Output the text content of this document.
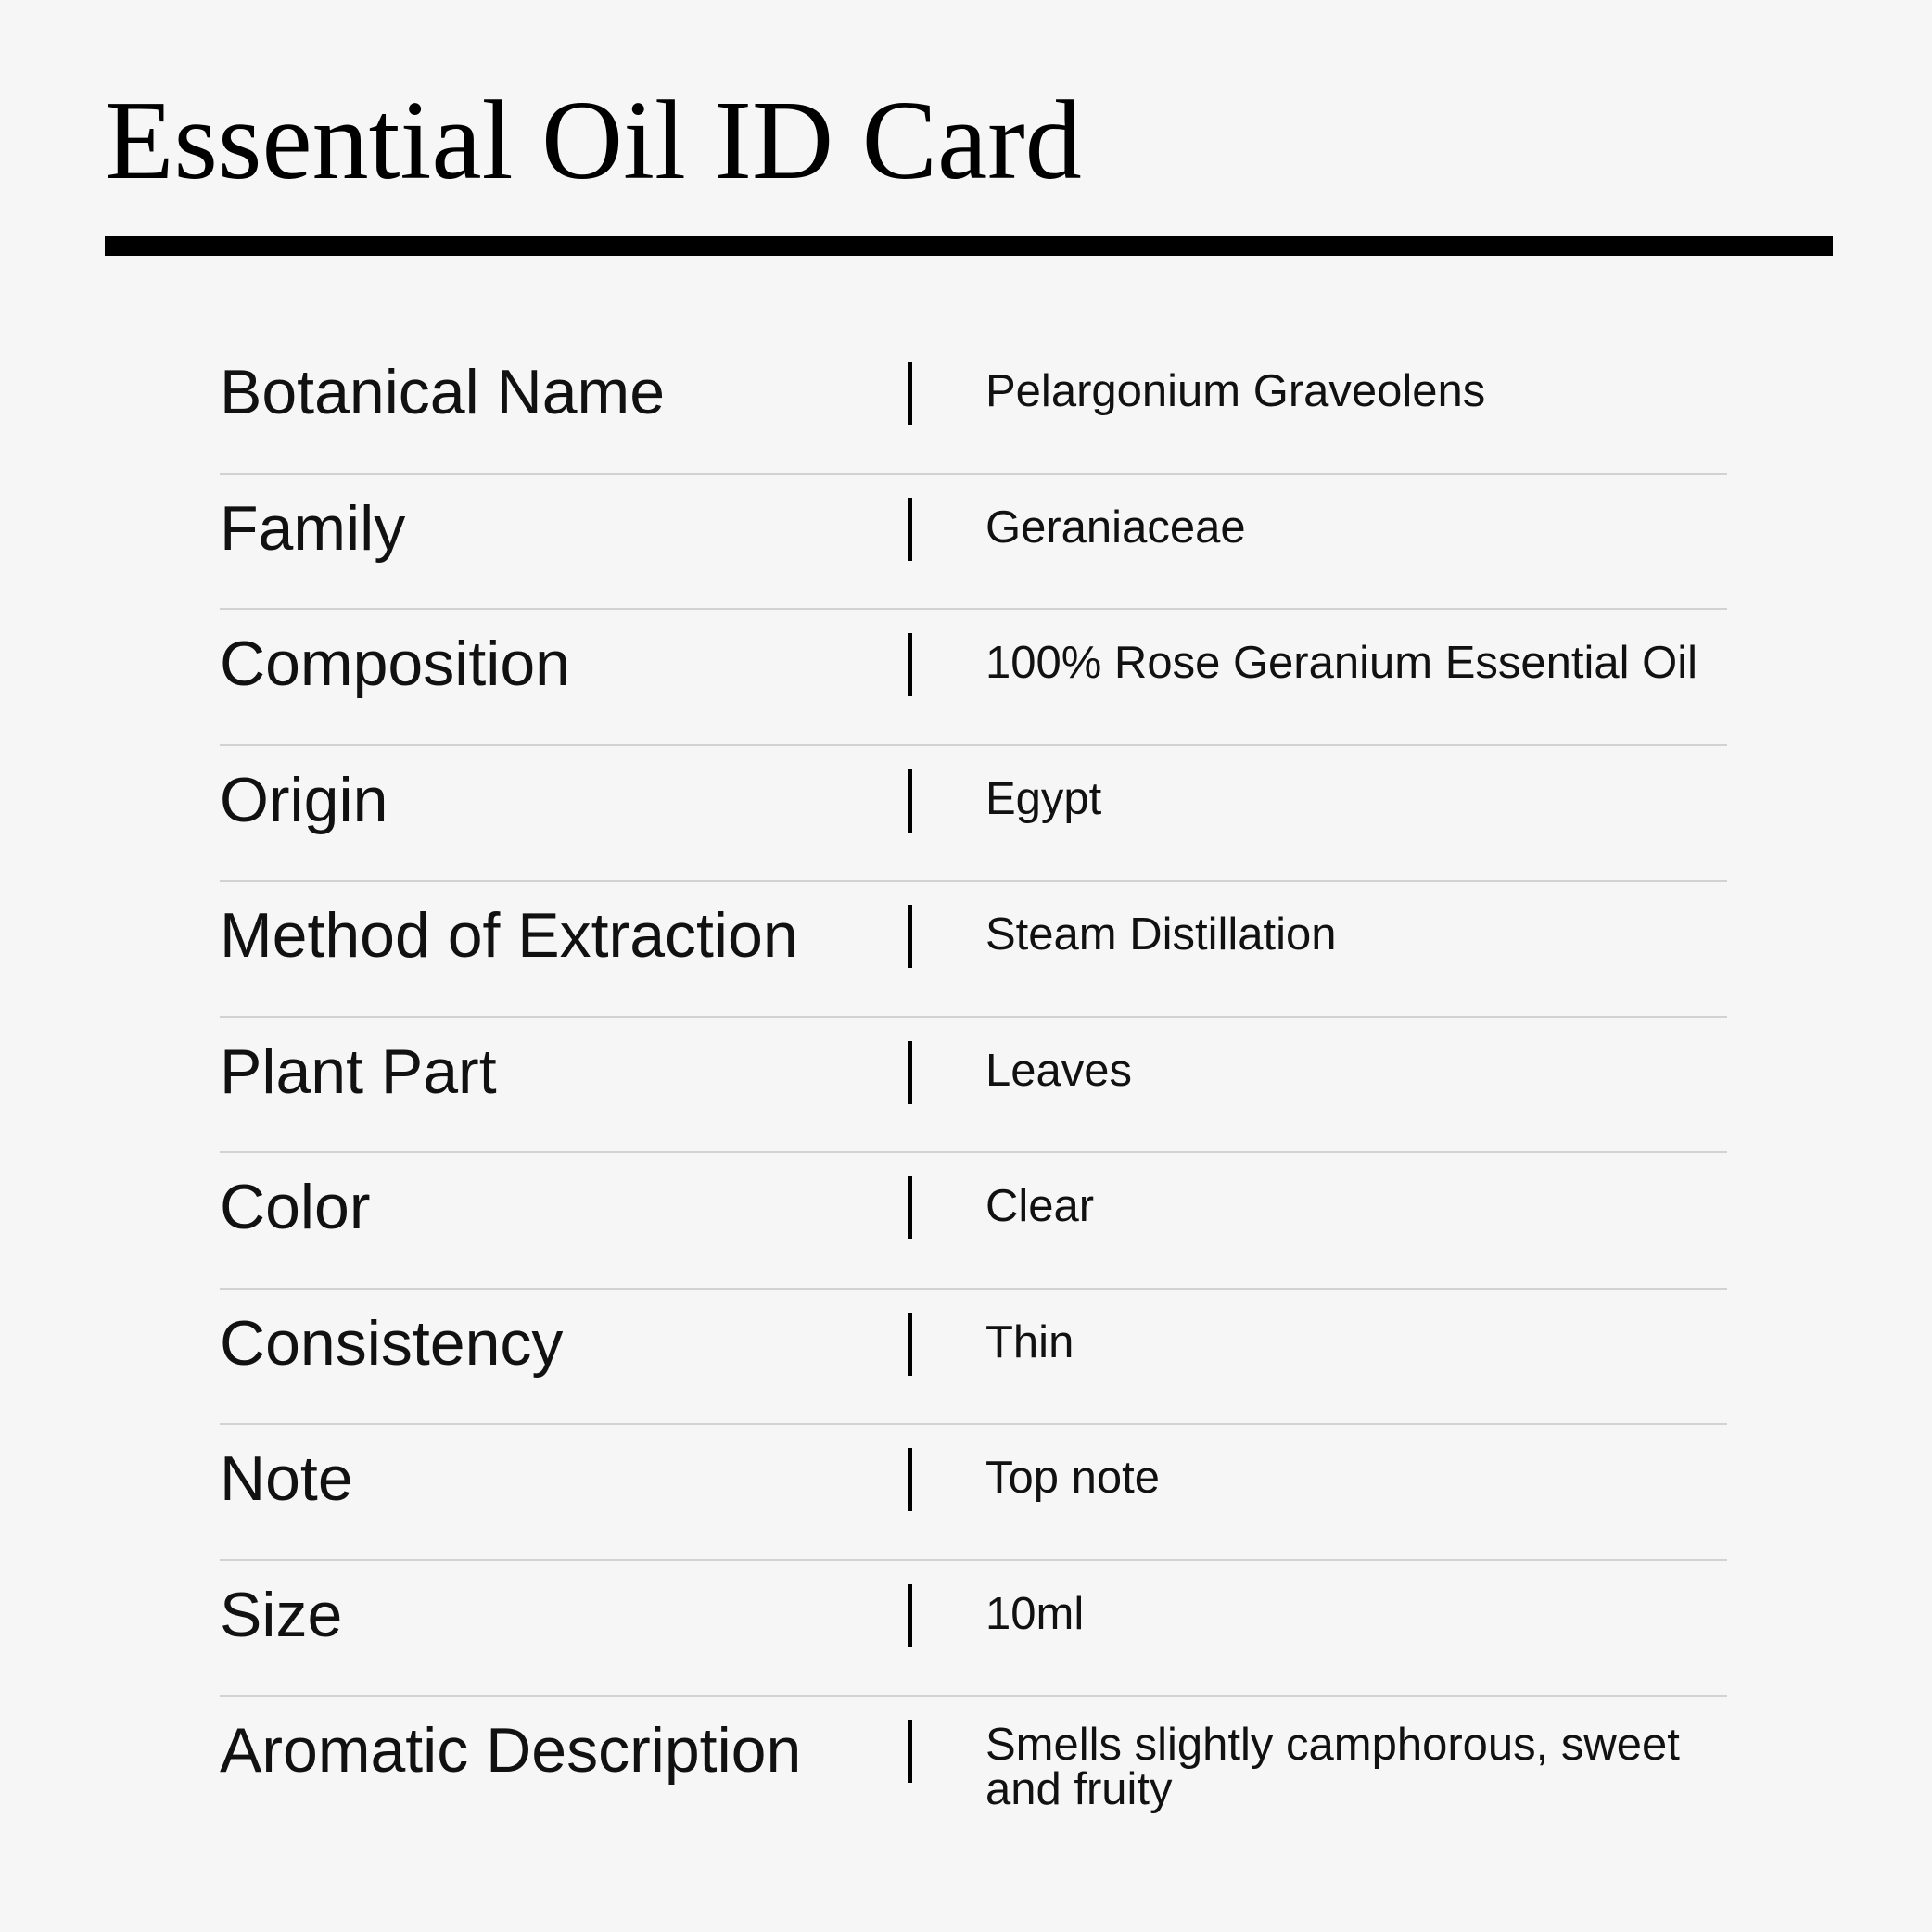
Essential Oil ID Card
Botanical Name	Pelargonium Graveolens
Family	Geraniaceae
Composition	100% Rose Geranium Essential Oil
Origin	Egypt
Method of Extraction	Steam Distillation
Plant Part	Leaves
Color	Clear
Consistency	Thin
Note	Top note
Size	10ml
Aromatic Description	Smells slightly camphorous, sweet and fruity
